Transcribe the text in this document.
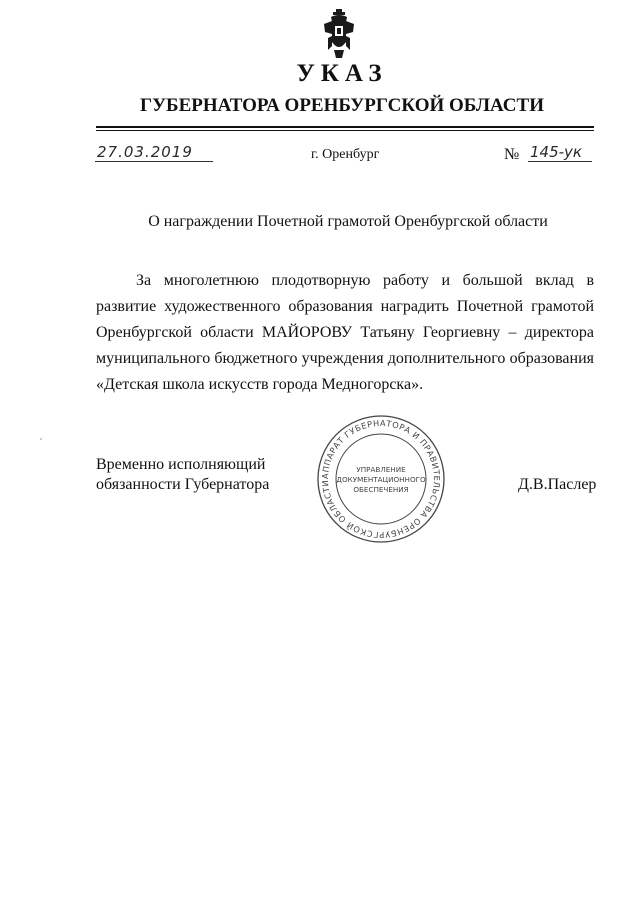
УКАЗ
ГУБЕРНАТОРА ОРЕНБУРГСКОЙ ОБЛАСТИ
27.03.2019	г. Оренбург	№ 145-ук
О награждении Почетной грамотой Оренбургской области

За многолетнюю плодотворную работу и большой вклад в развитие художественного образования наградить Почетной грамотой Оренбургской области МАЙОРОВУ Татьяну Георгиевну – директора муниципального бюджетного учреждения дополнительного образования «Детская школа искусств города Медногорска».

Временно исполняющий
обязанности Губернатора	Д.В.Паслер
АППАРАТ ГУБЕРНАТОРА И ПРАВИТЕЛЬСТВА ОРЕНБУРГСКОЙ ОБЛАСТИ
УПРАВЛЕНИЕ
ДОКУМЕНТАЦИОННОГО
ОБЕСПЕЧЕНИЯ
